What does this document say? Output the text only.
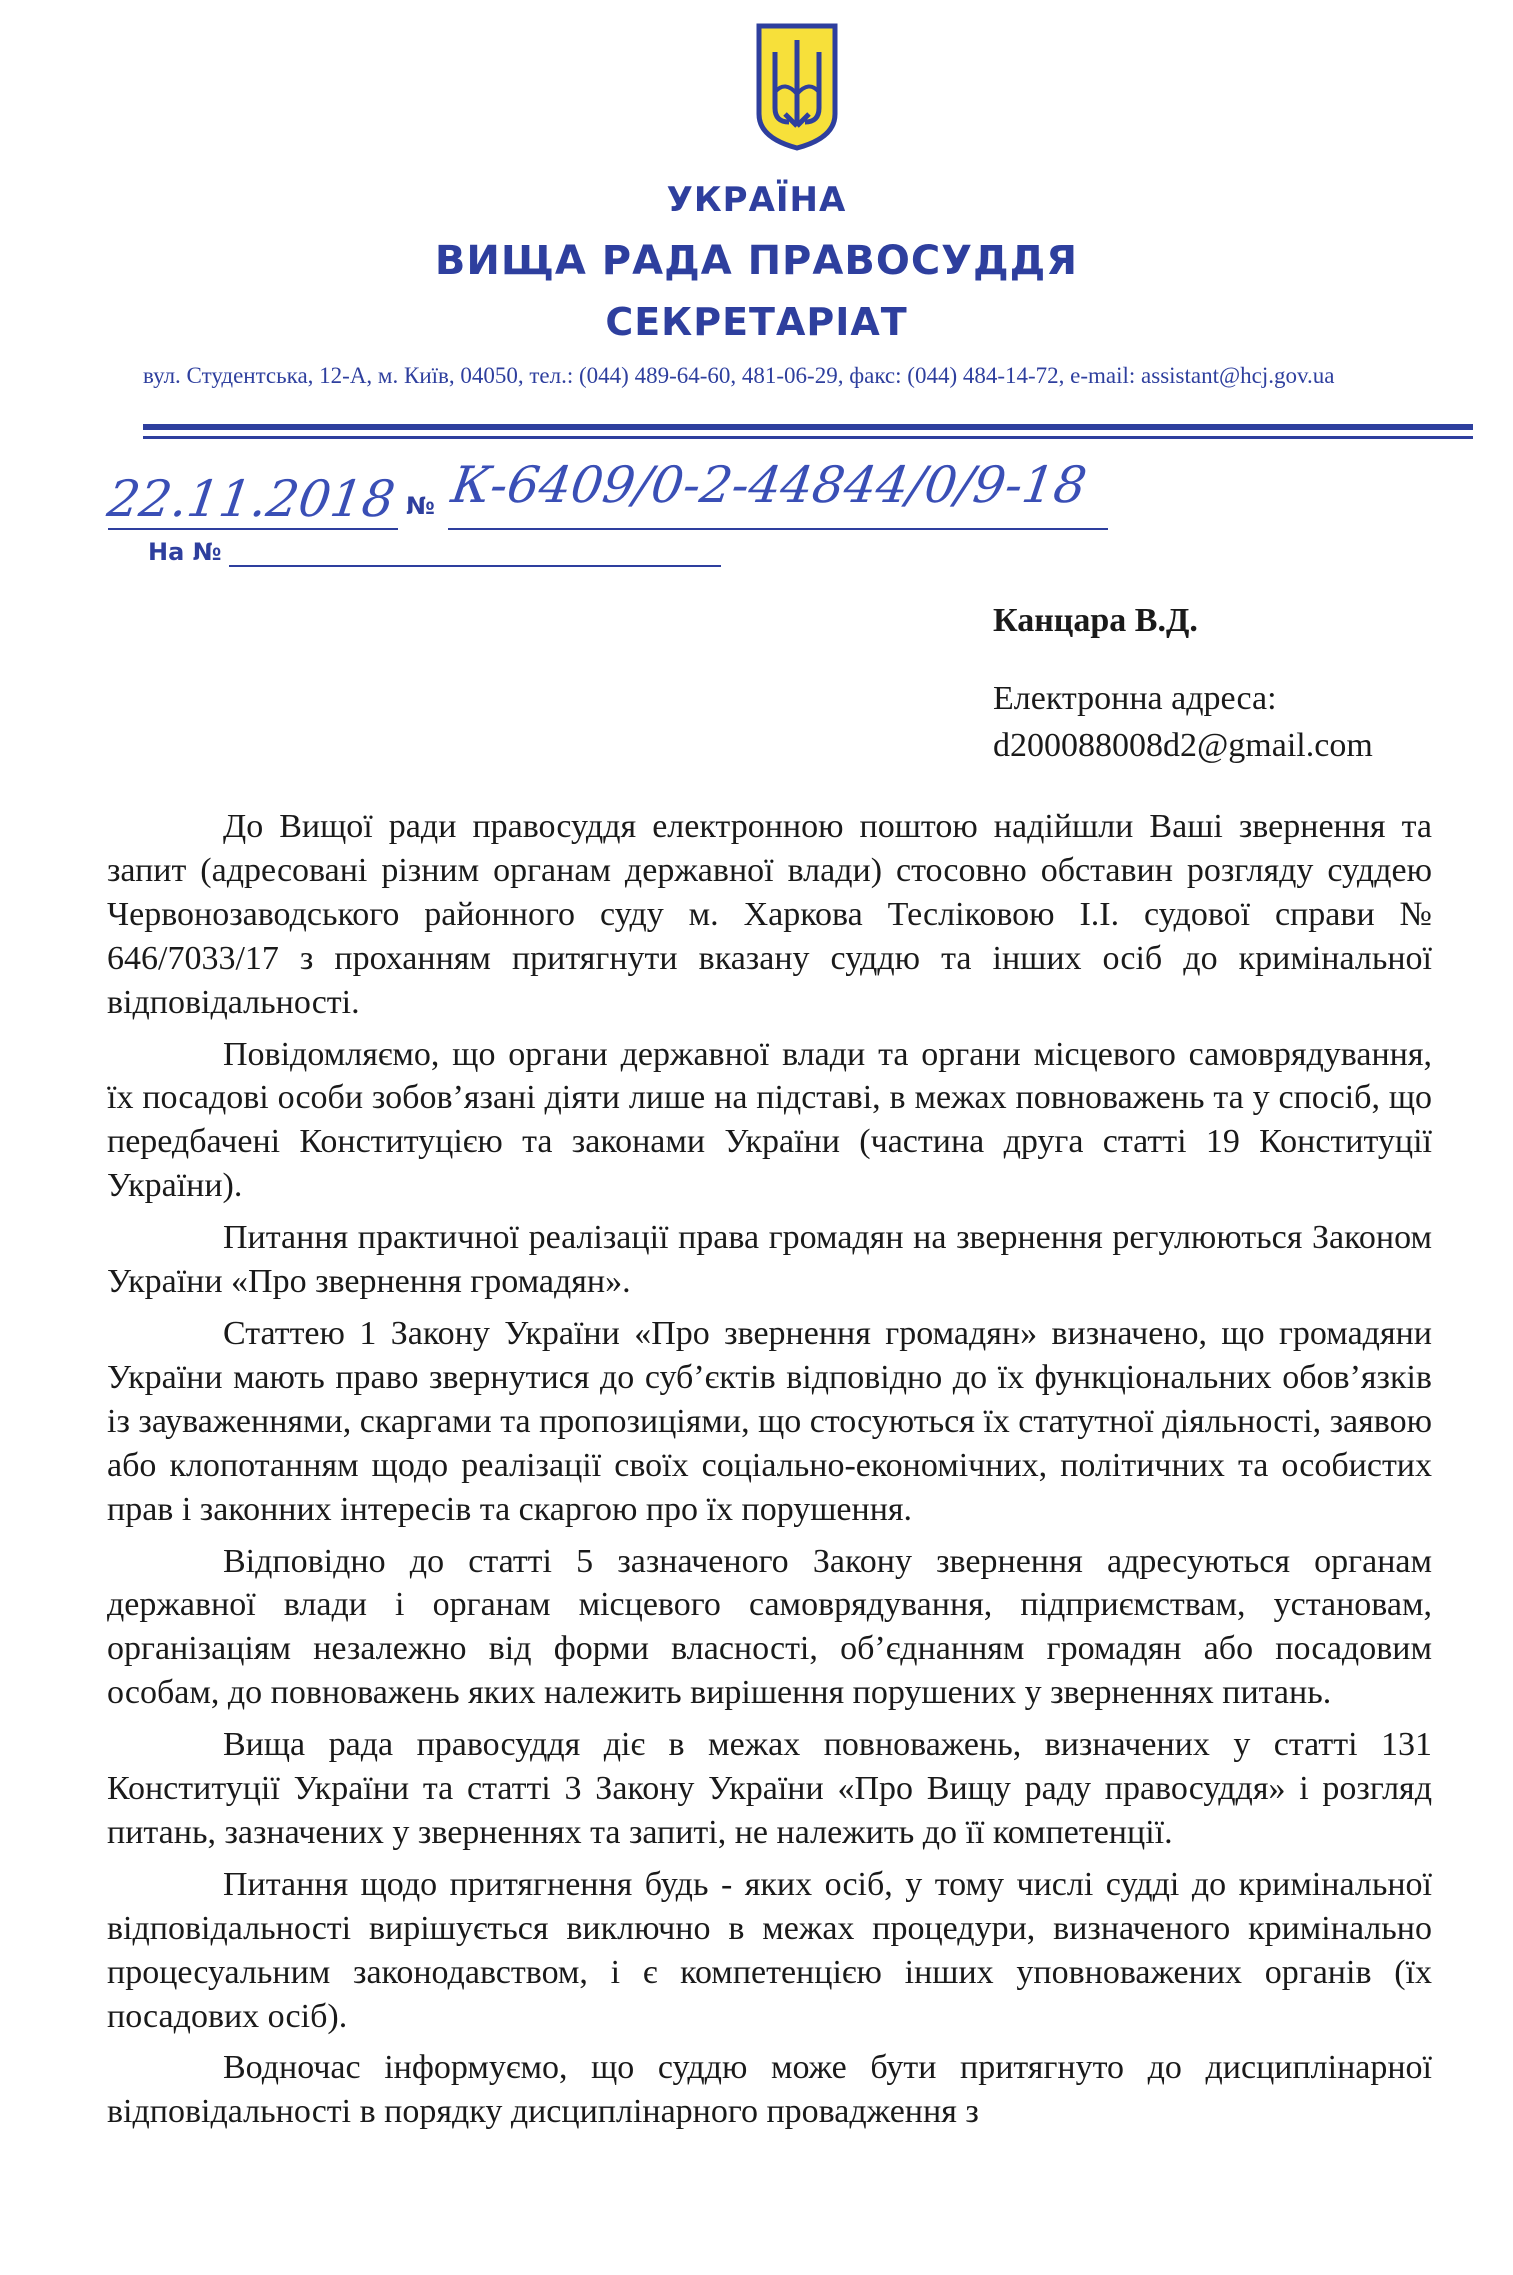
УКРАЇНА
ВИЩА РАДА ПРАВОСУДДЯ
СЕКРЕТАРІАТ
вул. Студентська, 12-А, м. Київ, 04050, тел.: (044) 489-64-60, 481-06-29, факс: (044) 484-14-72, e-mail: assistant@hcj.gov.ua
22.11.2018 № К-6409/0-2-44844/0/9-18
На №
Канцара В.Д.
Електронна адреса:
d200088008d2@gmail.com

До Вищої ради правосуддя електронною поштою надійшли Ваші звернення та запит (адресовані різним органам державної влади) стосовно обставин розгляду суддею Червонозаводського районного суду м. Харкова Тесліковою І.І. судової справи № 646/7033/17 з проханням притягнути вказану суддю та інших осіб до кримінальної відповідальності.

Повідомляємо, що органи державної влади та органи місцевого самоврядування, їх посадові особи зобов’язані діяти лише на підставі, в межах повноважень та у спосіб, що передбачені Конституцією та законами України (частина друга статті 19 Конституції України).

Питання практичної реалізації права громадян на звернення регулюються Законом України «Про звернення громадян».

Статтею 1 Закону України «Про звернення громадян» визначено, що громадяни України мають право звернутися до суб’єктів відповідно до їх функціональних обов’язків із зауваженнями, скаргами та пропозиціями, що стосуються їх статутної діяльності, заявою або клопотанням щодо реалізації своїх соціально-економічних, політичних та особистих прав і законних інтересів та скаргою про їх порушення.

Відповідно до статті 5 зазначеного Закону звернення адресуються органам державної влади і органам місцевого самоврядування, підприємствам, установам, організаціям незалежно від форми власності, об’єднанням громадян або посадовим особам, до повноважень яких належить вирішення порушених у зверненнях питань.

Вища рада правосуддя діє в межах повноважень, визначених у статті 131 Конституції України та статті 3 Закону України «Про Вищу раду правосуддя» і розгляд питань, зазначених у зверненнях та запиті, не належить до її компетенції.

Питання щодо притягнення будь - яких осіб, у тому числі судді до кримінальної відповідальності вирішується виключно в межах процедури, визначеного кримінально процесуальним законодавством, і є компетенцією інших уповноважених органів (їх посадових осіб).

Водночас інформуємо, що суддю може бути притягнуто до дисциплінарної відповідальності в порядку дисциплінарного провадження з
